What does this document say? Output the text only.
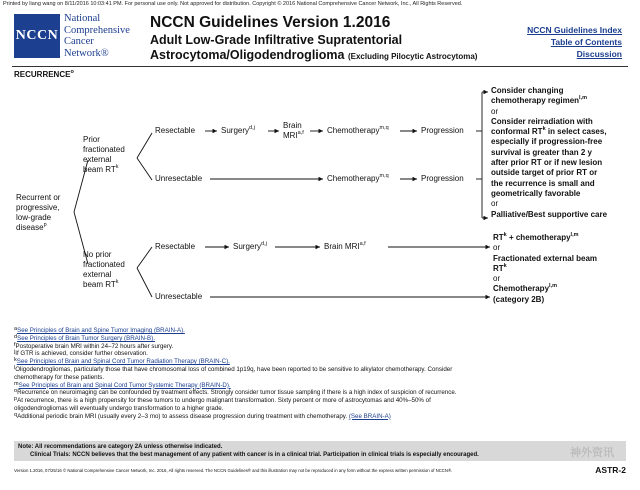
Printed by liang wang on 8/11/2016 10:03:41 PM. For personal use only. Not approved for distribution. Copyright © 2016 National Comprehensive Cancer Network, Inc., All Rights Reserved.
NCCN
National
Comprehensive
Cancer
Network®
NCCN Guidelines Version 1.2016
Adult Low-Grade Infiltrative Supratentorial
Astrocytoma/Oligodendroglioma (Excluding Pilocytic Astrocytoma)
NCCN Guidelines Index
Table of Contents
Discussion
RECURRENCE$^o$
Recurrent or
progressive,
low-grade
disease$^p$
Prior
fractionated
external
beam $RT^k$
No prior
fractionated
external
beam $RT^k$
Resectable
Unresectable
Resectable
Unresectable
Surgery$^{d,j}$	Brain
MRI$^{a,f}$	Chemotherapy$^{m,q}$	Progression
Chemotherapy$^{m,q}$	Progression
Surgery$^{d,j}$	Brain MRI$^{a,f}$
Consider changing
chemotherapy regimen$^{l,m}$
or
Consider reirradiation with
conformal $RT^k$ in select cases,
especially if progression-free
survival is greater than 2 y
after prior RT or if new lesion
outside target of prior RT or
the recurrence is small and
geometrically favorable
or
Palliative/Best supportive care
$RT^k$ + chemotherapy$^{l,m}$
or
Fractionated external beam
$RT^k$
or
Chemotherapy$^{l,m}$
(category 2B)
$^a$See Principles of Brain and Spine Tumor Imaging (BRAIN-A).
$^d$See Principles of Brain Tumor Surgery (BRAIN-B).
$^f$Postoperative brain MRI within 24–72 hours after surgery.
$^j$If GTR is achieved, consider further observation.
$^k$See Principles of Brain and Spinal Cord Tumor Radiation Therapy (BRAIN-C).
$^l$Oligodendrogliomas, particularly those that have chromosomal loss of combined 1p19q, have been reported to be sensitive to alkylator chemotherapy. Consider
chemotherapy for these patients.
$^m$See Principles of Brain and Spinal Cord Tumor Systemic Therapy (BRAIN-D).
$^o$Recurrence on neuroimaging can be confounded by treatment effects. Strongly consider tumor tissue sampling if there is a high index of suspicion of recurrence.
$^p$At recurrence, there is a high propensity for these tumors to undergo malignant transformation. Sixty percent or more of astrocytomas and 40%–50% of
oligodendrogliomas will eventually undergo transformation to a higher grade.
$^q$Additional periodic brain MRI (usually every 2–3 mo) to assess disease progression during treatment with chemotherapy. (See BRAIN-A)
Note: All recommendations are category 2A unless otherwise indicated.
Clinical Trials: NCCN believes that the best management of any patient with cancer is in a clinical trial. Participation in clinical trials is especially encouraged.	神外资讯
Version 1.2016, 07/25/16 © National Comprehensive Cancer Network, Inc. 2016, All rights reserved. The NCCN Guidelines® and this illustration may not be reproduced in any form without the express written permission of NCCN®.	ASTR-2
